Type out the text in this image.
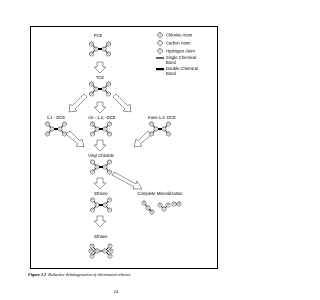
PCE
TCE
1,1 - DCE	cis - 1,2, -DCE	trans-1,2- DCE
Vinyl Chloride
Ethene	Complete Mineralization
Ethane
Cl Chlorine Atom
C Carbon Atom
H Hydrogen Atom
Single Chemical
Bond
Double Chemical
Bond
Cl
Cl
Cl
Cl
C	C
Cl
Cl
Cl
H
C	C
Cl
Cl
H
H
C	C
Cl
H
Cl
H
C	C
Cl
H
H
Cl
C	C
H
H
Cl
H
C	C
H
H
H
H
C	C
H
H
H
H
H
H
C	C
H
C
H
H
C
H H Cl
Figure 2.2 Reductive dehalogenation of chlorinated ethenes.
24
